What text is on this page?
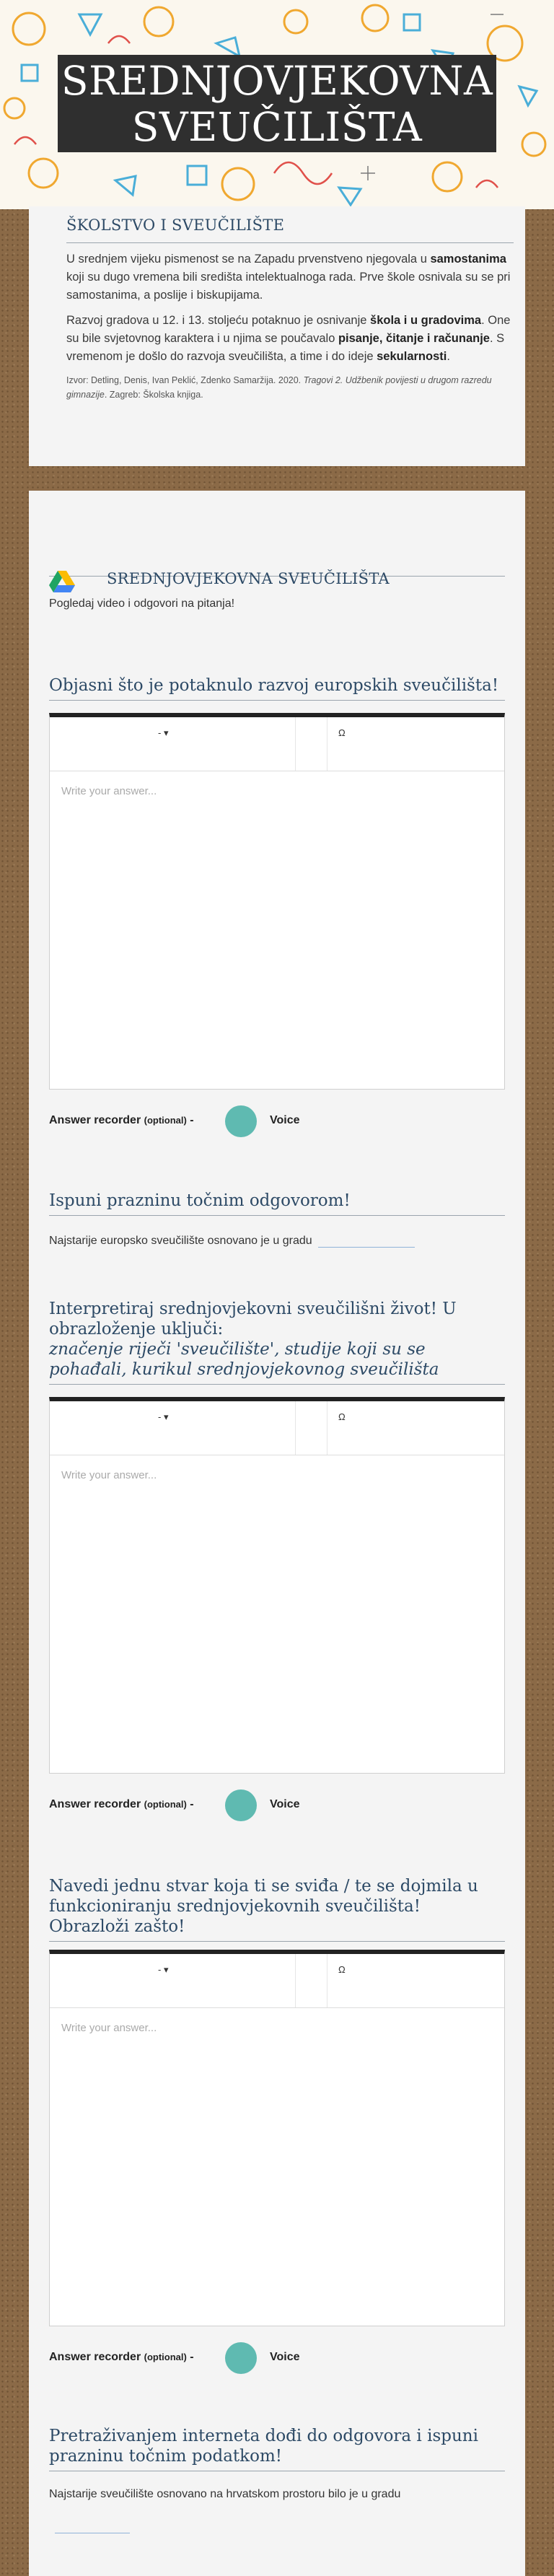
SREDNJOVJEKOVNA
SVEUČILIŠTA
ŠKOLSTVO I SVEUČILIŠTE

U srednjem vijeku pismenost se na Zapadu prvenstveno njegovala u samostanima koji su dugo vremena bili središta intelektualnoga rada. Prve škole osnivala su se pri samostanima, a poslije i biskupijama.

Razvoj gradova u 12. i 13. stoljeću potaknuo je osnivanje škola i u gradovima. One su bile svjetovnog karaktera i u njima se poučavalo pisanje, čitanje i računanje. S vremenom je došlo do razvoja sveučilišta, a time i do ideje sekularnosti.

Izvor: Detling, Denis, Ivan Peklić, Zdenko Samaržija. 2020. Tragovi 2. Udžbenik povijesti u drugom razredu gimnazije. Zagreb: Školska knjiga.

SREDNJOVJEKOVNA SVEUČILIŠTA
Pogledaj video i odgovori na pitanja!
Objasni što je potaknulo razvoj europskih sveučilišta!
- ▾	Ω
Write your answer...
Answer recorder (optional) -	Voice
Ispuni prazninu točnim odgovorom!
Najstarije europsko sveučilište osnovano je u gradu
Interpretiraj srednjovjekovni sveučilišni život! U obrazloženje uključi:
značenje riječi 'sveučilište', studije koji su se pohađali, kurikul srednjovjekovnog sveučilišta
- ▾	Ω
Write your answer...
Answer recorder (optional) -	Voice
Navedi jednu stvar koja ti se sviđa / te se dojmila u funkcioniranju srednjovjekovnih sveučilišta! Obrazloži zašto!
- ▾	Ω
Write your answer...
Answer recorder (optional) -	Voice
Pretraživanjem interneta dođi do odgovora i ispuni prazninu točnim podatkom!
Najstarije sveučilište osnovano na hrvatskom prostoru bilo je u gradu
